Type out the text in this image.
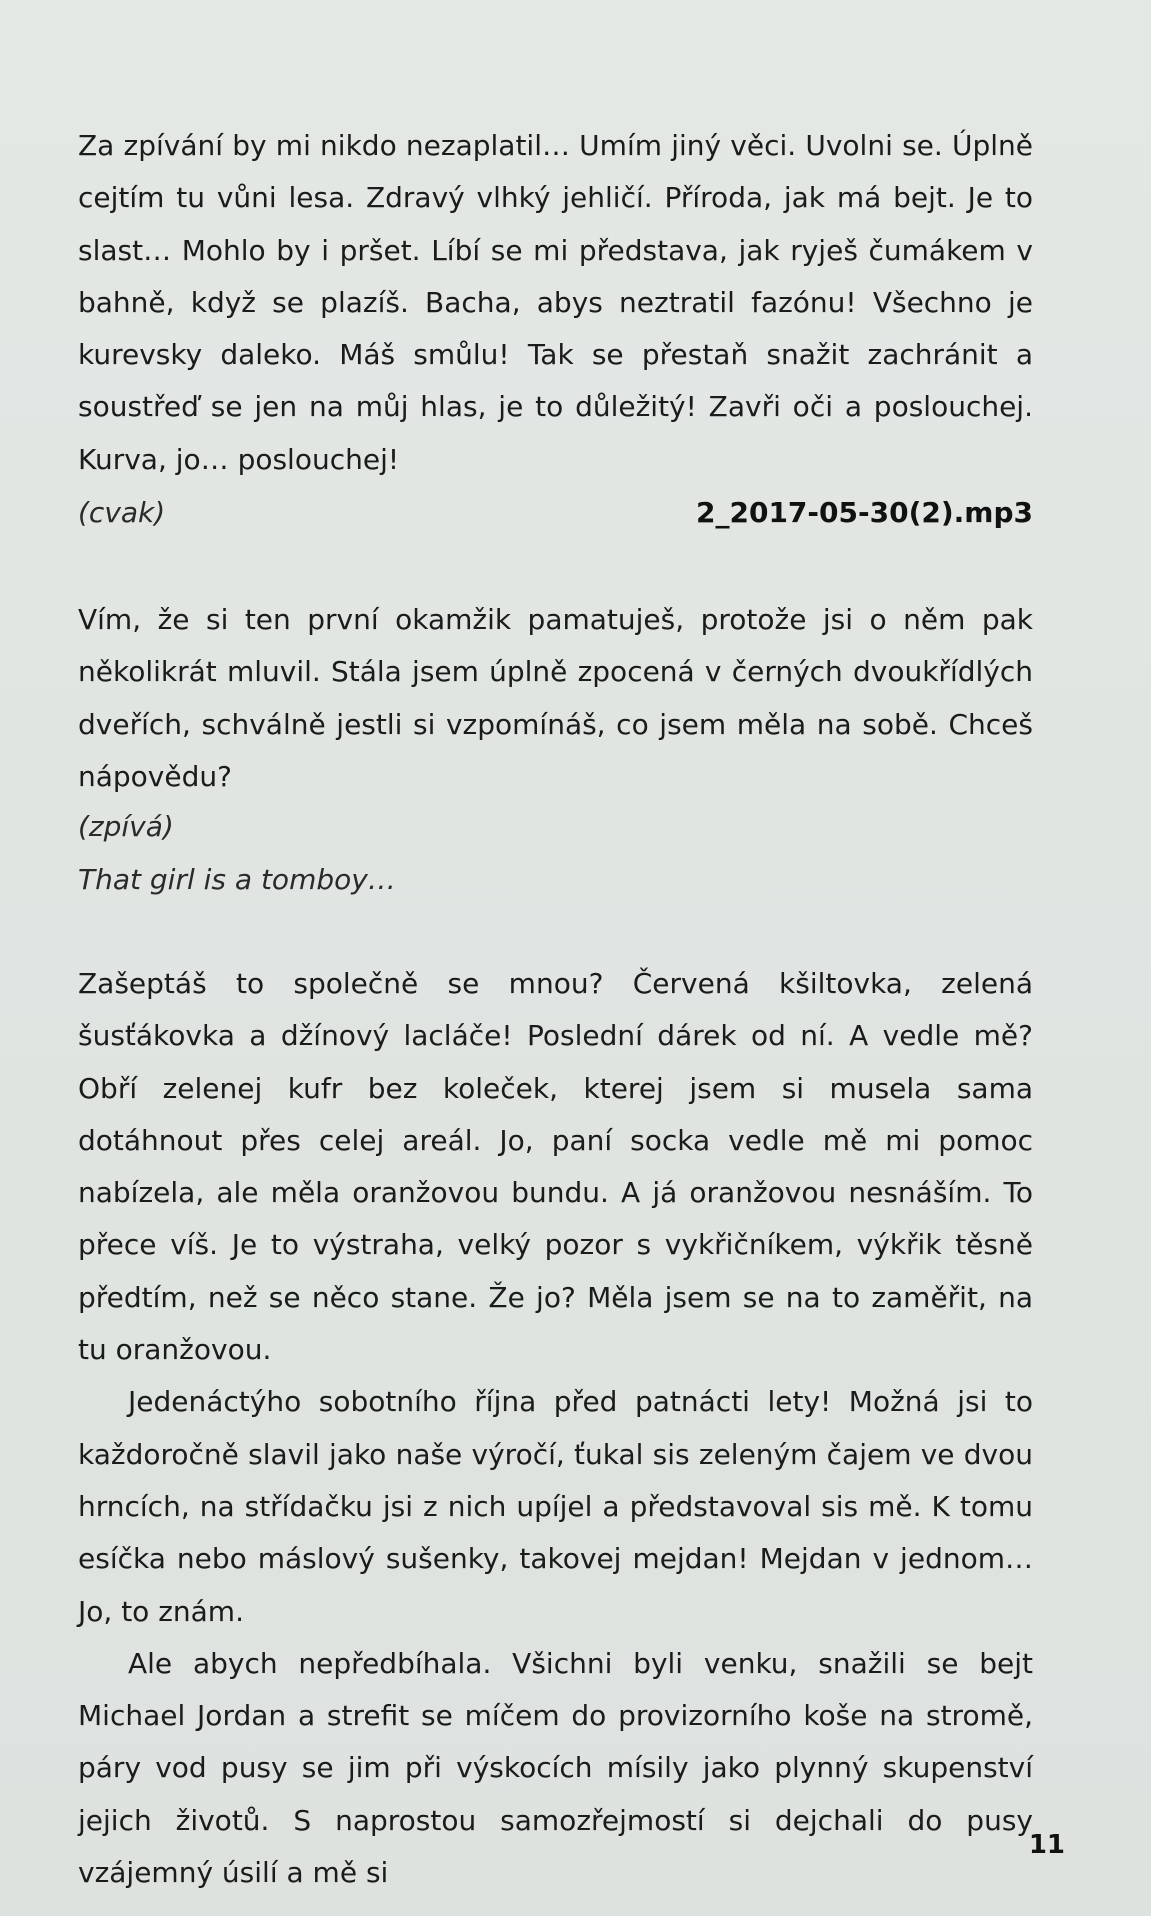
Za zpívání by mi nikdo nezaplatil… Umím jiný věci. Uvolni se. Úplně cejtím tu vůni lesa. Zdravý vlhký jehličí. Příroda, jak má bejt. Je to slast… Mohlo by i pršet. Líbí se mi představa, jak ryješ čumákem v bahně, když se plazíš. Bacha, abys neztratil fazónu! Všechno je kurevsky daleko. Máš smůlu! Tak se přestaň snažit zachránit a soustřeď se jen na můj hlas, je to důležitý! Zavři oči a poslouchej. Kurva, jo… poslouchej!

(cvak)	2_2017-05-30(2).mp3

Vím, že si ten první okamžik pamatuješ, protože jsi o něm pak několikrát mluvil. Stála jsem úplně zpocená v černých dvoukřídlých dveřích, schválně jestli si vzpomínáš, co jsem měla na sobě. Chceš nápovědu?

(zpívá)
That girl is a tomboy…

Zašeptáš to společně se mnou? Červená kšiltovka, zelená šusťákovka a džínový lacláče! Poslední dárek od ní. A vedle mě? Obří zelenej kufr bez koleček, kterej jsem si musela sama dotáhnout přes celej areál. Jo, paní socka vedle mě mi pomoc nabízela, ale měla oranžovou bundu. A já oranžovou nesnáším. To přece víš. Je to výstraha, velký pozor s vykřičníkem, výkřik těsně předtím, než se něco stane. Že jo? Měla jsem se na to zaměřit, na tu oranžovou.

Jedenáctýho sobotního října před patnácti lety! Možná jsi to každoročně slavil jako naše výročí, ťukal sis zeleným čajem ve dvou hrncích, na střídačku jsi z nich upíjel a představoval sis mě. K tomu esíčka nebo máslový sušenky, takovej mejdan! Mejdan v jednom… Jo, to znám.

Ale abych nepředbíhala. Všichni byli venku, snažili se bejt Michael Jordan a strefit se míčem do provizorního koše na stromě, páry vod pusy se jim při výskocích mísily jako plynný skupenství jejich životů. S naprostou samozřejmostí si dejchali do pusy vzájemný úsilí a mě si

11
